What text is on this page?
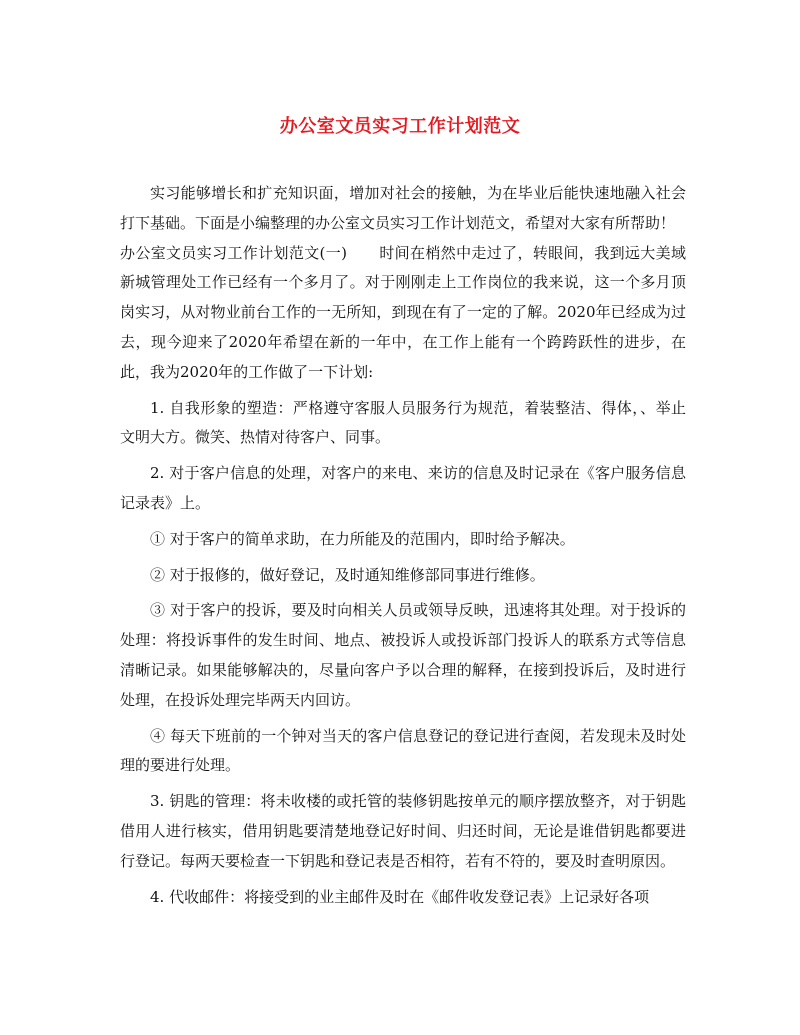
办公室文员实习工作计划范文

实习能够增长和扩充知识面，增加对社会的接触，为在毕业后能快速地融入社会打下基础。下面是小编整理的办公室文员实习工作计划范文，希望对大家有所帮助！

办公室文员实习工作计划范文(一) 时间在梢然中走过了，转眼间，我到远大美域新城管理处工作已经有一个多月了。对于刚刚走上工作岗位的我来说，这一个多月顶岗实习，从对物业前台工作的一无所知，到现在有了一定的了解。2020年已经成为过去，现今迎来了2020年希望在新的一年中，在工作上能有一个跨跨跃性的进步，在此，我为2020年的工作做了一下计划:

1. 自我形象的塑造：严格遵守客服人员服务行为规范，着装整洁、得体，、举止文明大方。微笑、热情对待客户、同事。

2. 对于客户信息的处理，对客户的来电、来访的信息及时记录在《客户服务信息记录表》上。

① 对于客户的简单求助，在力所能及的范围内，即时给予解决。

② 对于报修的，做好登记，及时通知维修部同事进行维修。

③ 对于客户的投诉，要及时向相关人员或领导反映，迅速将其处理。对于投诉的处理：将投诉事件的发生时间、地点、被投诉人或投诉部门投诉人的联系方式等信息清晰记录。如果能够解决的，尽量向客户予以合理的解释，在接到投诉后，及时进行处理，在投诉处理完毕两天内回访。

④ 每天下班前的一个钟对当天的客户信息登记的登记进行查阅，若发现未及时处理的要进行处理。

3. 钥匙的管理：将未收楼的或托管的装修钥匙按单元的顺序摆放整齐，对于钥匙借用人进行核实，借用钥匙要清楚地登记好时间、归还时间，无论是谁借钥匙都要进行登记。每两天要检查一下钥匙和登记表是否相符，若有不符的，要及时查明原因。

4. 代收邮件：将接受到的业主邮件及时在《邮件收发登记表》上记录好各项
